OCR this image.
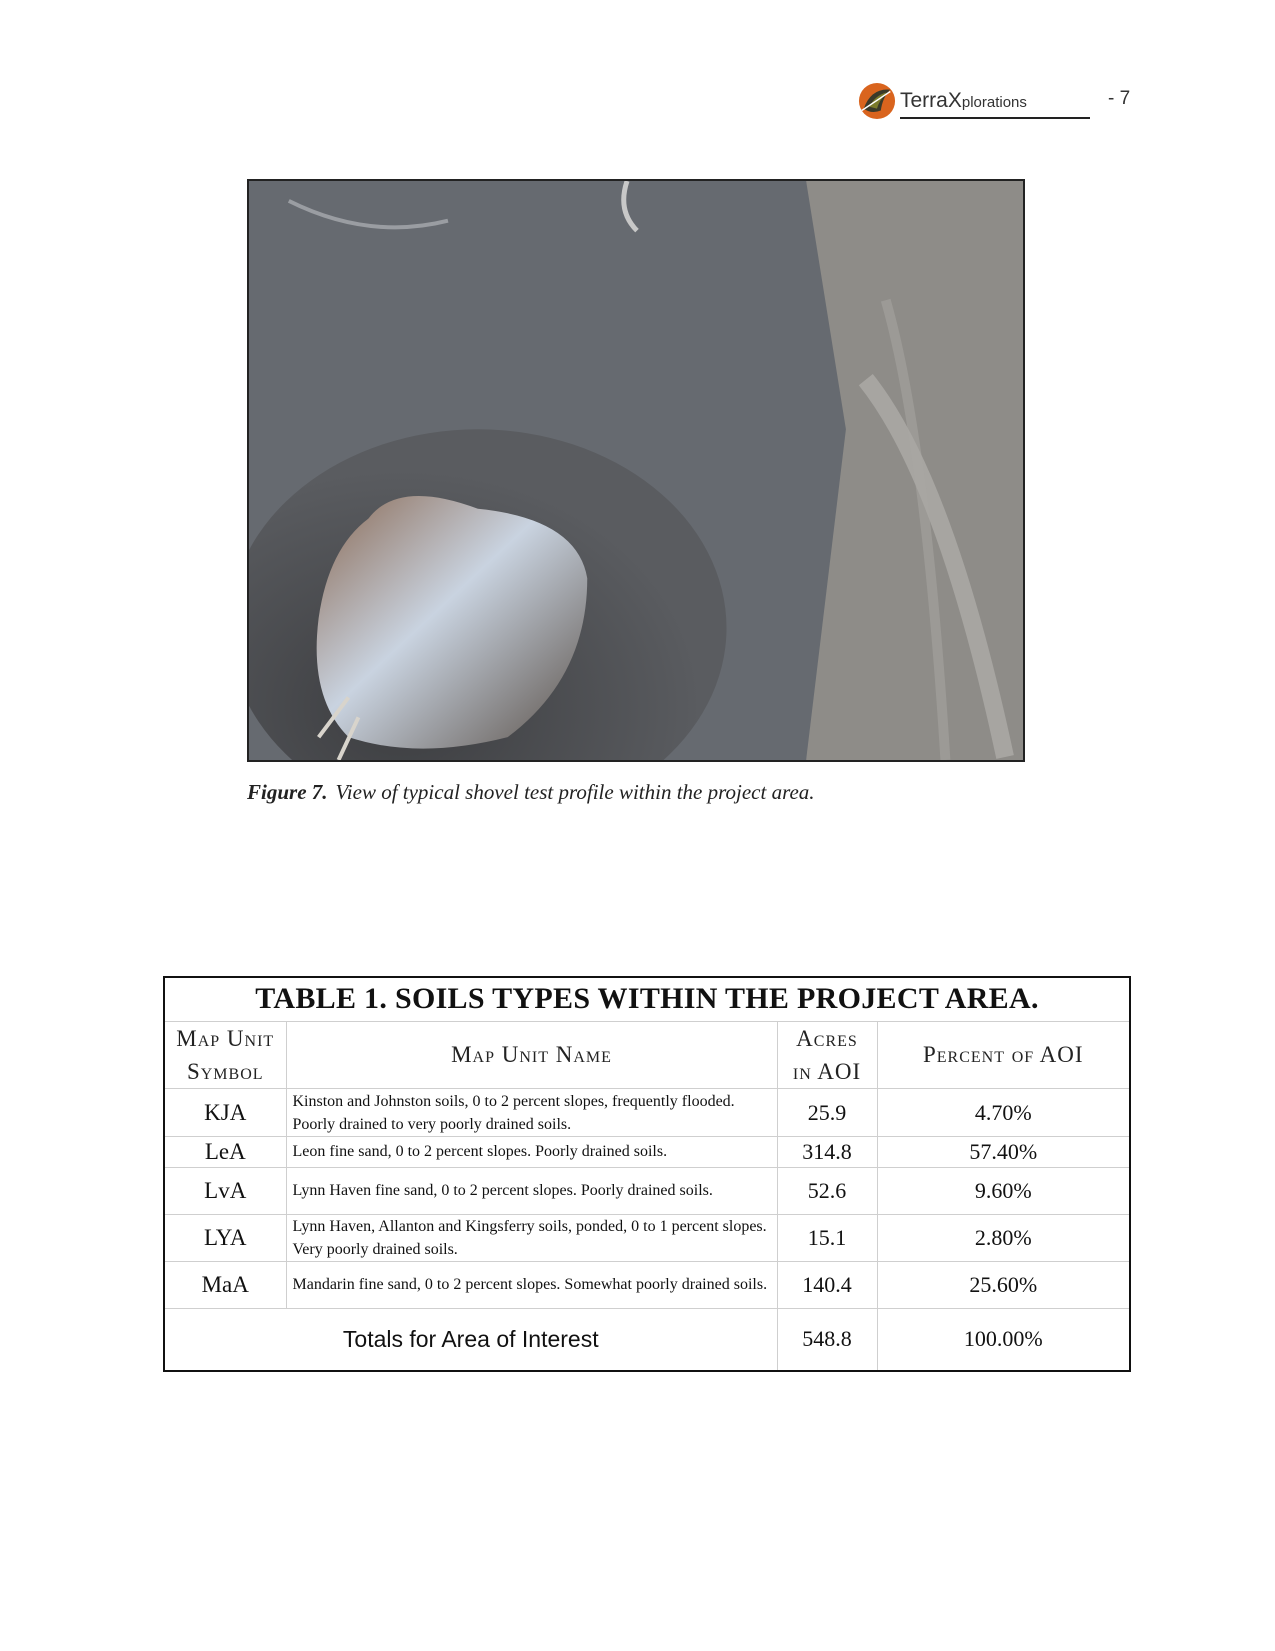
TerraXplorations	- 7
Figure 7. View of typical shovel test profile within the project area.
TABLE 1. SOILS TYPES WITHIN THE PROJECT AREA.			
Map Unit Symbol	Map Unit Name	Acres in AOI	Percent of AOI
KJA	Kinston and Johnston soils, 0 to 2 percent slopes, frequently flooded. Poorly drained to very poorly drained soils.	25.9	4.70%
LeA	Leon fine sand, 0 to 2 percent slopes. Poorly drained soils.	314.8	57.40%
LvA	Lynn Haven fine sand, 0 to 2 percent slopes. Poorly drained soils.	52.6	9.60%
LYA	Lynn Haven, Allanton and Kingsferry soils, ponded, 0 to 1 percent slopes. Very poorly drained soils.	15.1	2.80%
MaA	Mandarin fine sand, 0 to 2 percent slopes. Somewhat poorly drained soils.	140.4	25.60%
Totals for Area of Interest		548.8	100.00%
